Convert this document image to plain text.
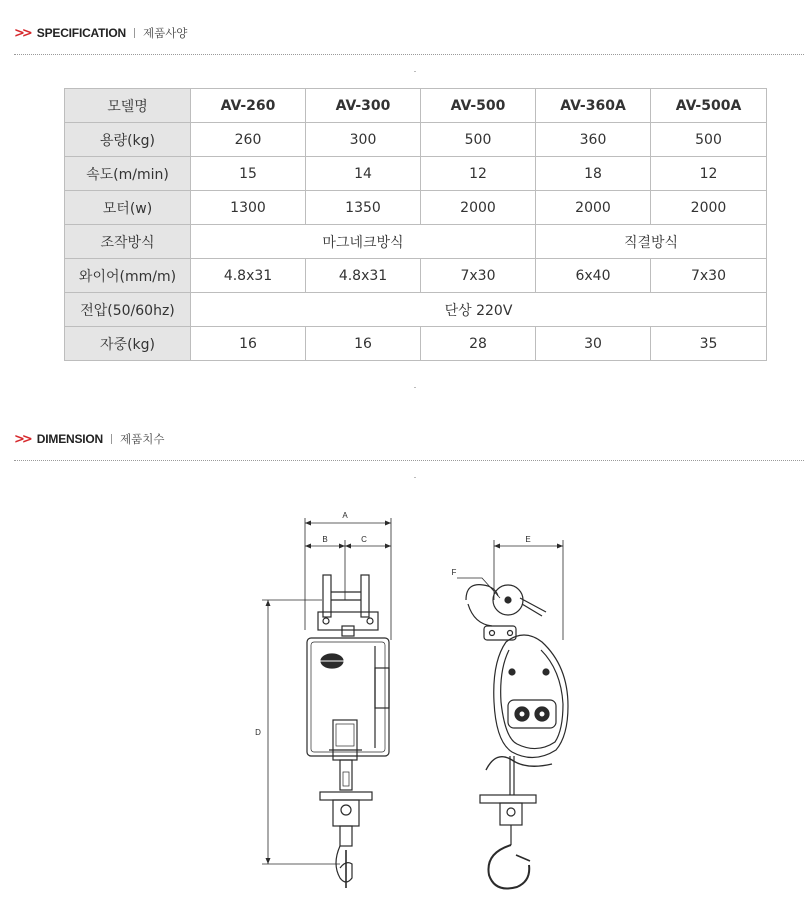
>> SPECIFICATION 제품사양
모델명	AV-260	AV-300	AV-500	AV-360A	AV-500A
용량(kg)	260	300	500	360	500
속도(m/min)	15	14	12	18	12
모터(w)	1300	1350	2000	2000	2000
조작방식	마그네크방식			직결방식	
와이어(mm/m)	4.8x31	4.8x31	7x30	6x40	7x30
전압(50/60hz)	단상 220V				
자중(kg)	16	16	28	30	35
>> DIMENSION 제품치수
A
B	C
D
E
F
